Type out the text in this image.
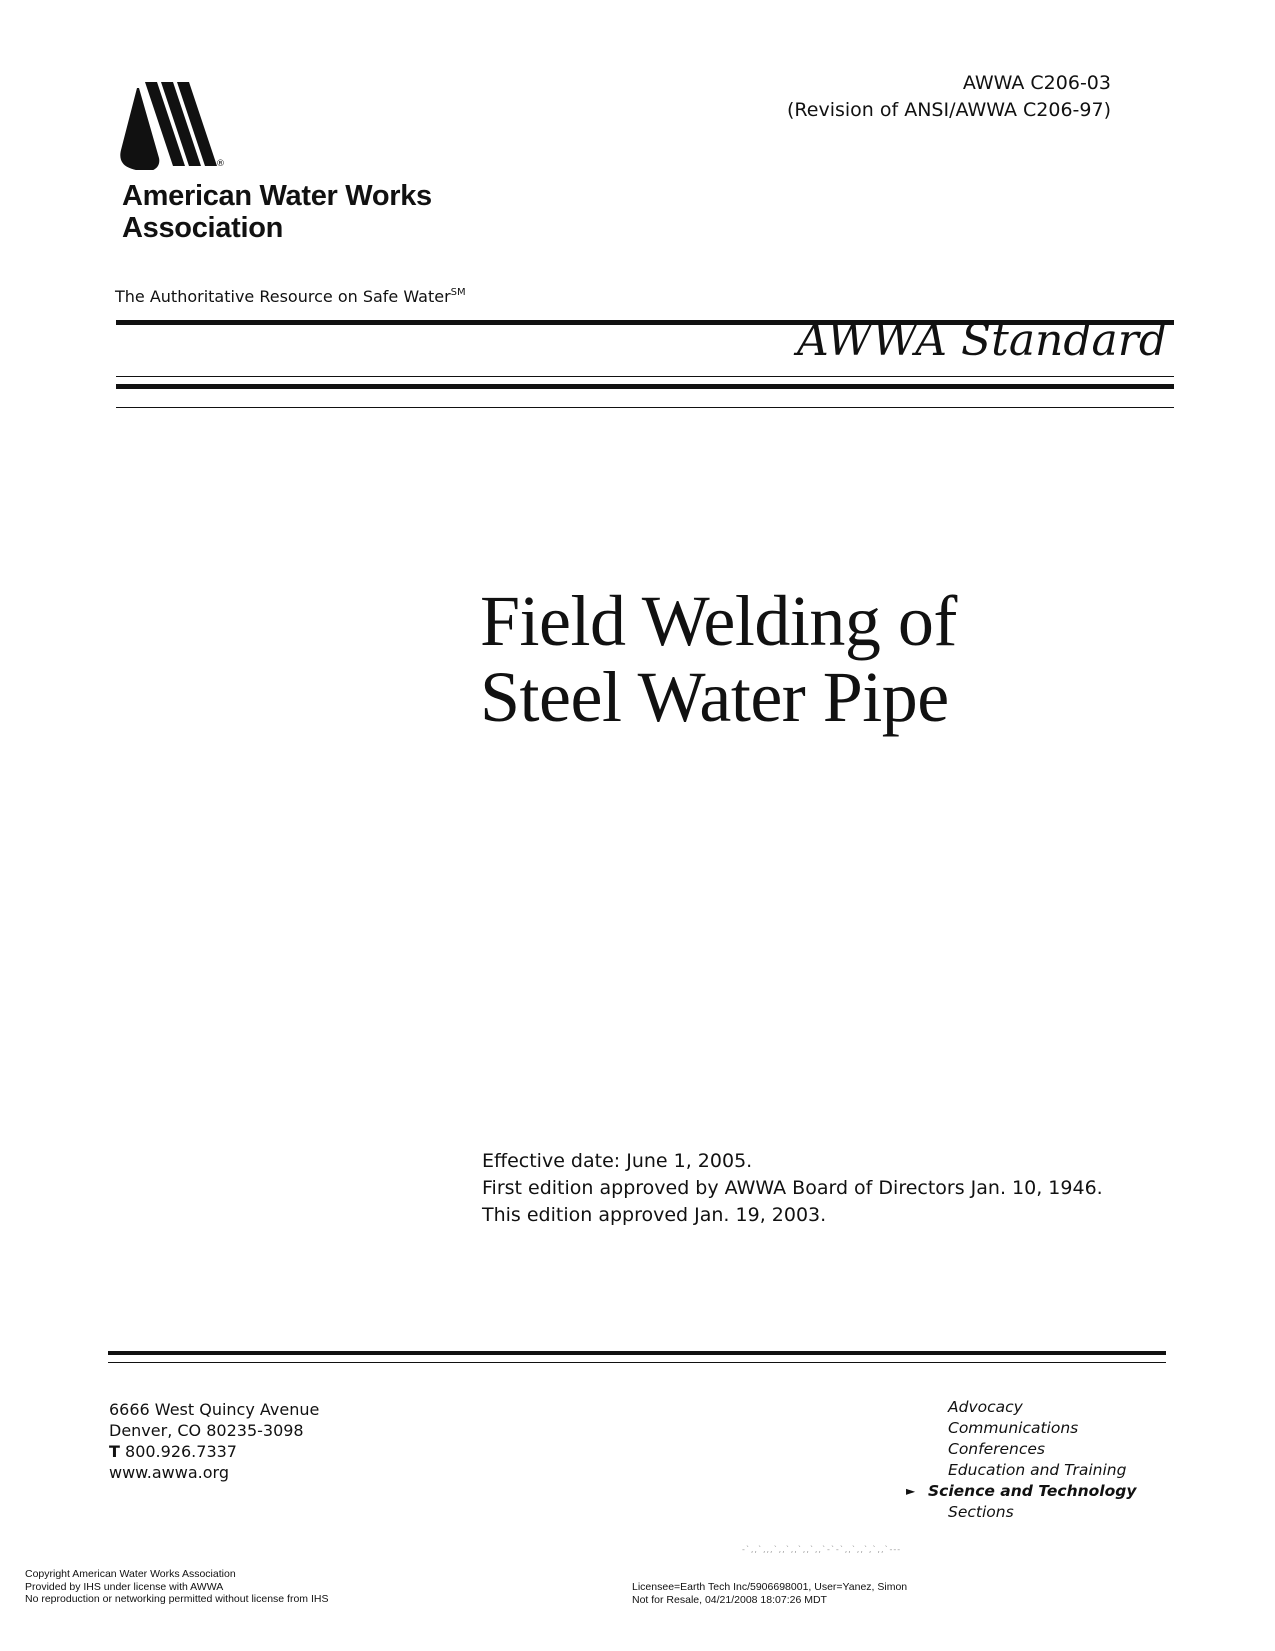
AWWA C206-03
(Revision of ANSI/AWWA C206-97)
®
American Water Works
Association
The Authoritative Resource on Safe Water℠
AWWA Standard
Field Welding of
Steel Water Pipe
Effective date: June 1, 2005.
First edition approved by AWWA Board of Directors Jan. 10, 1946.
This edition approved Jan. 19, 2003.
6666 West Quincy Avenue
Denver, CO 80235-3098
T 800.926.7337
www.awwa.org
Advocacy
Communications
Conferences
Education and Training
► Science and Technology
Sections
-`,,`,,,`,,`,,`,,`,,`-`-`,,`,,`,`,,`---
Copyright American Water Works Association
Provided by IHS under license with AWWA
No reproduction or networking permitted without license from IHS
Licensee=Earth Tech Inc/5906698001, User=Yanez, Simon
Not for Resale, 04/21/2008 18:07:26 MDT
